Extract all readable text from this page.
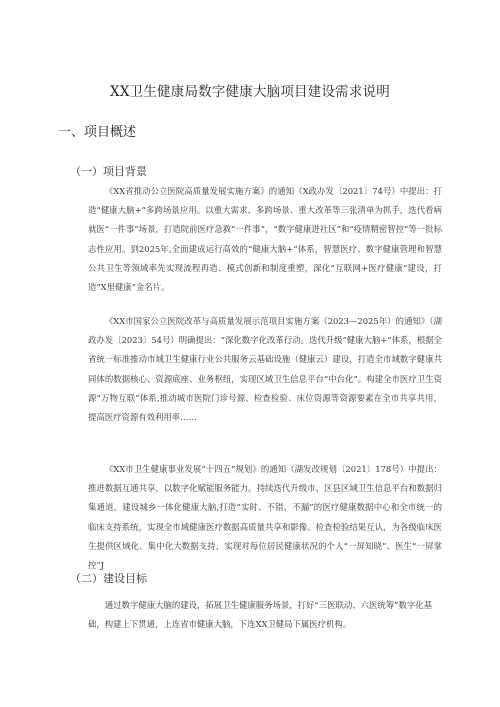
XX卫生健康局数字健康大脑项目建设需求说明
一、项目概述
（一）项目背景

《XX省推动公立医院高质量发展实施方案》的通知（X政办发〔2021〕74号）中提出：打造“健康大脑+”多跨场景应用。以重大需求、多跨场景、重大改革等三张清单为抓手，迭代看病就医“一件事”场景，打造院前医疗急救“一件事”，“数字健康进社区”和“疫情精密智控”等一批标志性应用。到2025年,全面建成运行高效的“健康大脑+”体系，智慧医疗、数字健康管理和智慧公共卫生等领域率先实现流程再造、模式创新和制度重塑，深化“互联网+医疗健康”建设，打造“X里健康”金名片。

《XX市国家公立医院改革与高质量发展示范项目实施方案（2023—2025年）的通知》（湖政办发〔2023〕54号）明确提出：“深化数字化改革行动。迭代升级“健康大脑+”体系，根据全省统一标准推动市域卫生健康行业公共服务云基础设施（健康云）建设，打造全市域数字健康共同体的数据核心、资源底座、业务枢纽，实现区域卫生信息平台“中台化”。构建全市医疗卫生资源“万物互联”体系,推动城市医院门诊号源、检查检验、床位资源等资源要素在全市共享共用，提高医疗资源有效利用率……

《XX市卫生健康事业发展“十四五”规划》的通知（湖发改规划〔2021〕178号）中提出：推进数据互通共享，以数字化赋能服务能力。持续迭代升级市、区县区域卫生信息平台和数据归集通道，建设城乡一体化健康大脑,打造“实时、不错、不漏”的医疗健康数据中心和全市统一的临床支持系统，实现全市域健康医疗数据高质量共享和影像、检查检验结果互认，为各级临床医生提供区域化、集中化大数据支持，实现对每位居民健康状况的个人“一屏知晓”、医生“一屏掌控”J

（二）建设目标

通过数字健康大脑的建设，拓展卫生健康服务场景，打好“三医联动、六医统筹”数字化基础，构建上下贯通，上连省市健康大脑，下连XX卫健局下属医疗机构。
